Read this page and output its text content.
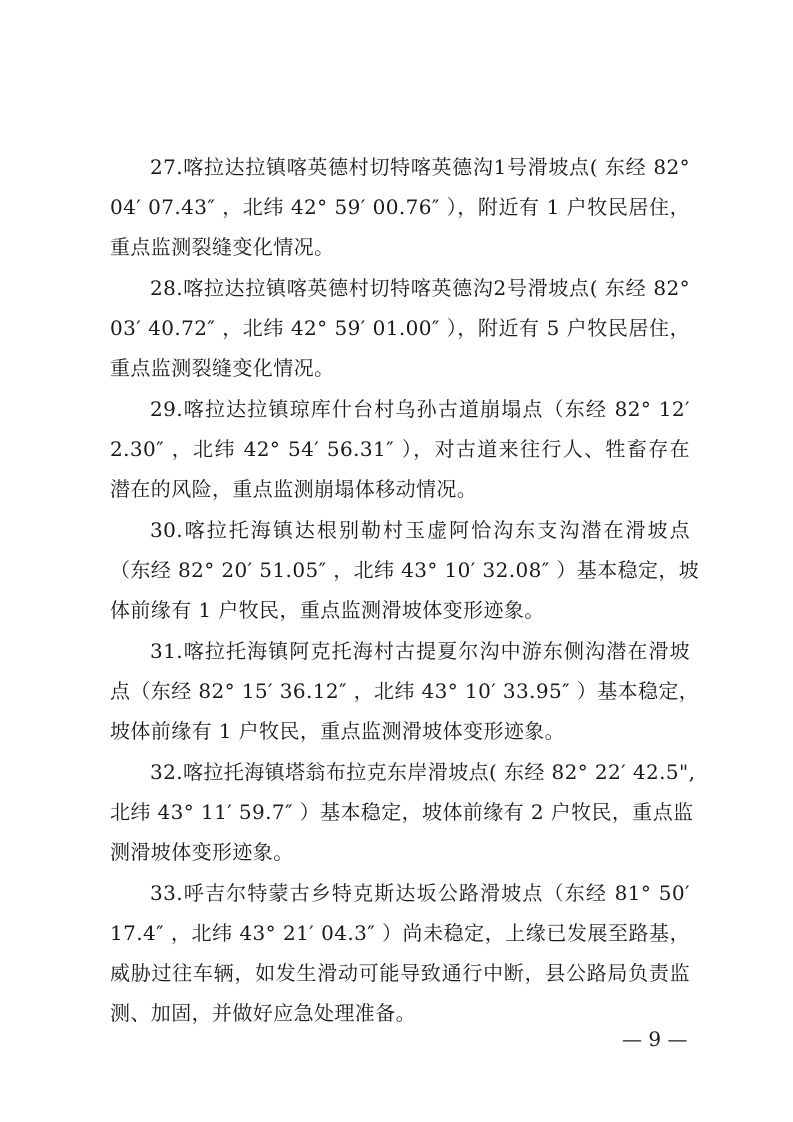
27.喀拉达拉镇喀英德村切特喀英德沟1号滑坡点( 东经 82°
04′ 07.43″ ，北纬 42° 59′ 00.76″ ），附近有 1 户牧民居住，
重点监测裂缝变化情况。
28.喀拉达拉镇喀英德村切特喀英德沟2号滑坡点( 东经 82°
03′ 40.72″ ，北纬 42° 59′ 01.00″ ），附近有 5 户牧民居住，
重点监测裂缝变化情况。
29.喀拉达拉镇琼库什台村乌孙古道崩塌点（东经 82° 12′
2.30″ ，北纬 42° 54′ 56.31″ ），对古道来往行人、牲畜存在
潜在的风险，重点监测崩塌体移动情况。
30.喀拉托海镇达根别勒村玉虚阿恰沟东支沟潜在滑坡点
（东经 82° 20′ 51.05″ ，北纬 43° 10′ 32.08″ ）基本稳定，坡
体前缘有 1 户牧民，重点监测滑坡体变形迹象。
31.喀拉托海镇阿克托海村古提夏尔沟中游东侧沟潜在滑坡
点（东经 82° 15′ 36.12″ ，北纬 43° 10′ 33.95″ ）基本稳定，
坡体前缘有 1 户牧民，重点监测滑坡体变形迹象。
32.喀拉托海镇塔翁布拉克东岸滑坡点( 东经 82° 22′ 42.5",
北纬 43° 11′ 59.7″ ）基本稳定，坡体前缘有 2 户牧民，重点监
测滑坡体变形迹象。
33.呼吉尔特蒙古乡特克斯达坂公路滑坡点（东经 81° 50′
17.4″ ，北纬 43° 21′ 04.3″ ）尚未稳定，上缘已发展至路基，
威胁过往车辆，如发生滑动可能导致通行中断，县公路局负责监
测、加固，并做好应急处理准备。
— 9 —
